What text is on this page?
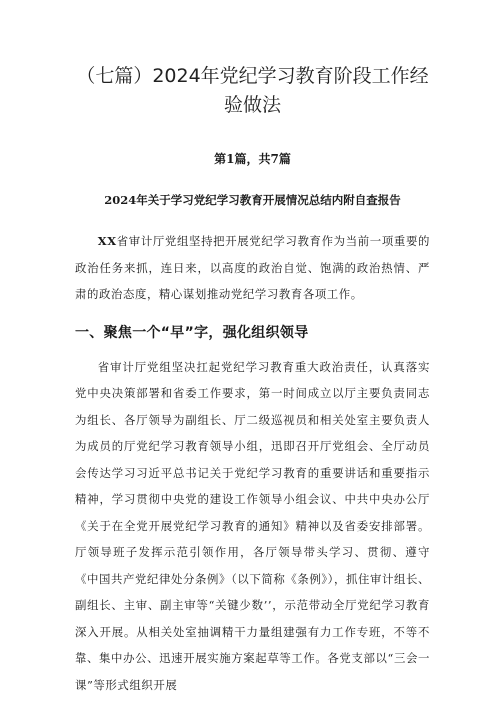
（七篇）2024年党纪学习教育阶段工作经
验做法

第1篇，共7篇

2024年关于学习党纪学习教育开展情况总结内附自查报告

XX省审计厅党组坚持把开展党纪学习教育作为当前一项重要的政治任务来抓，连日来，以高度的政治自觉、饱满的政治热情、严肃的政治态度，精心谋划推动党纪学习教育各项工作。

一、聚焦一个“早”字，强化组织领导

省审计厅党组坚决扛起党纪学习教育重大政治责任，认真落实党中央决策部署和省委工作要求，第一时间成立以厅主要负责同志为组长、各厅领导为副组长、厅二级巡视员和相关处室主要负责人为成员的厅党纪学习教育领导小组，迅即召开厅党组会、全厅动员会传达学习习近平总书记关于党纪学习教育的重要讲话和重要指示精神，学习贯彻中央党的建设工作领导小组会议、中共中央办公厅《关于在全党开展党纪学习教育的通知》精神以及省委安排部署。厅领导班子发挥示范引领作用，各厅领导带头学习、贯彻、遵守《中国共产党纪律处分条例》（以下简称《条例》），抓住审计组长、副组长、主审、副主审等“关键少数’’，示范带动全厅党纪学习教育深入开展。从相关处室抽调精干力量组建强有力工作专班，不等不靠、集中办公、迅速开展实施方案起草等工作。各党支部以“三会一课”等形式组织开展
